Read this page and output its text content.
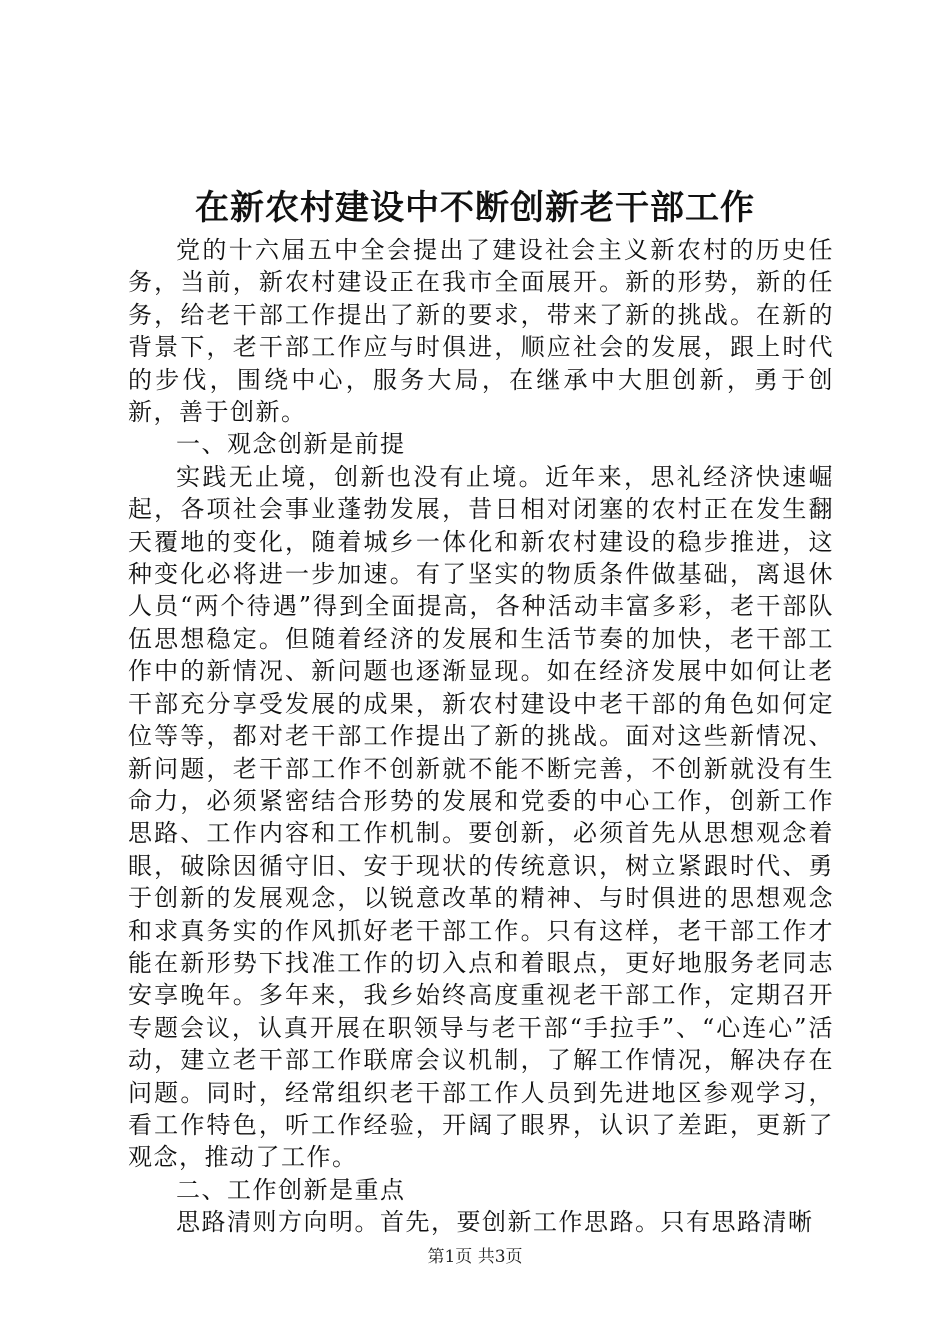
在新农村建设中不断创新老干部工作

党的十六届五中全会提出了建设社会主义新农村的历史任务，当前，新农村建设正在我市全面展开。新的形势，新的任务，给老干部工作提出了新的要求，带来了新的挑战。在新的背景下，老干部工作应与时俱进，顺应社会的发展，跟上时代的步伐，围绕中心，服务大局，在继承中大胆创新，勇于创新，善于创新。

一、观念创新是前提

实践无止境，创新也没有止境。近年来，思礼经济快速崛起，各项社会事业蓬勃发展，昔日相对闭塞的农村正在发生翻天覆地的变化，随着城乡一体化和新农村建设的稳步推进，这种变化必将进一步加速。有了坚实的物质条件做基础，离退休人员“两个待遇”得到全面提高，各种活动丰富多彩，老干部队伍思想稳定。但随着经济的发展和生活节奏的加快，老干部工作中的新情况、新问题也逐渐显现。如在经济发展中如何让老干部充分享受发展的成果，新农村建设中老干部的角色如何定位等等，都对老干部工作提出了新的挑战。面对这些新情况、新问题，老干部工作不创新就不能不断完善，不创新就没有生命力，必须紧密结合形势的发展和党委的中心工作，创新工作思路、工作内容和工作机制。要创新，必须首先从思想观念着眼，破除因循守旧、安于现状的传统意识，树立紧跟时代、勇于创新的发展观念，以锐意改革的精神、与时俱进的思想观念和求真务实的作风抓好老干部工作。只有这样，老干部工作才能在新形势下找准工作的切入点和着眼点，更好地服务老同志安享晚年。多年来，我乡始终高度重视老干部工作，定期召开专题会议，认真开展在职领导与老干部“手拉手”、“心连心”活动，建立老干部工作联席会议机制，了解工作情况，解决存在问题。同时，经常组织老干部工作人员到先进地区参观学习，看工作特色，听工作经验，开阔了眼界，认识了差距，更新了观念，推动了工作。

二、工作创新是重点

思路清则方向明。首先，要创新工作思路。只有思路清晰

第1页 共3页
